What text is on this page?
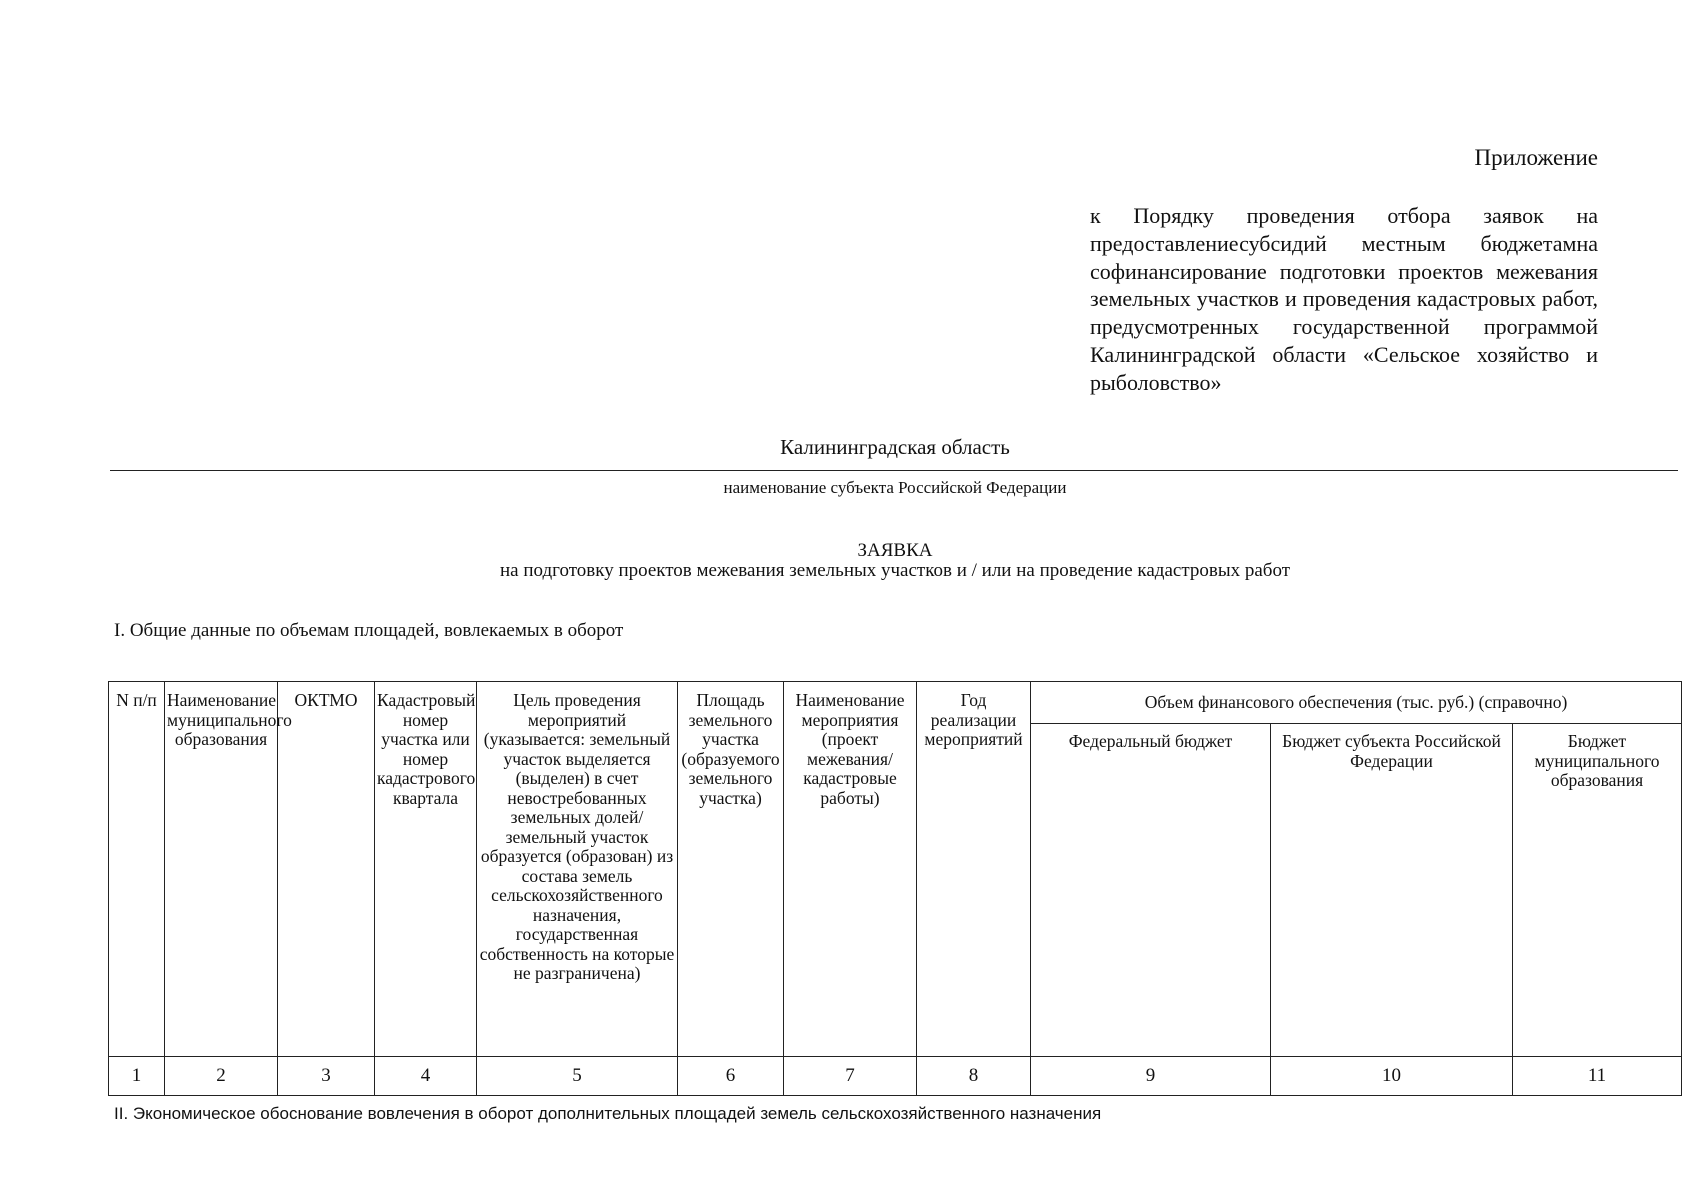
Приложение
к Порядку проведения отбора заявок на предоставлениесубсидий местным бюджетамна софинансирование подготовки проектов межевания земельных участков и проведения кадастровых работ, предусмотренных государственной программой Калининградской области «Сельское хозяйство и рыболовство»
Калининградская область
наименование субъекта Российской Федерации
ЗАЯВКА
на подготовку проектов межевания земельных участков и / или на проведение кадастровых работ
I. Общие данные по объемам площадей, вовлекаемых в оборот
N п/п	Наименование муниципального образования	ОКТМО	Кадастровый номер участка или номер кадастрового квартала	Цель проведения мероприятий (указывается: земельный участок выделяется (выделен) в счет невостребованных земельных долей/земельный участок образуется (образован) из состава земель сельскохозяйственного назначения, государственная собственность на которые не разграничена)	Площадь земельного участка (образуемого земельного участка)	Наименование мероприятия (проект межевания/кадастровые работы)	Год реализации мероприятий	Объем финансового обеспечения (тыс. руб.) (справочно)		
								Федеральный бюджет	Бюджет субъекта Российской Федерации	Бюджет муниципального образования
1	2	3	4	5	6	7	8	9	10	11
II. Экономическое обоснование вовлечения в оборот дополнительных площадей земель сельскохозяйственного назначения
